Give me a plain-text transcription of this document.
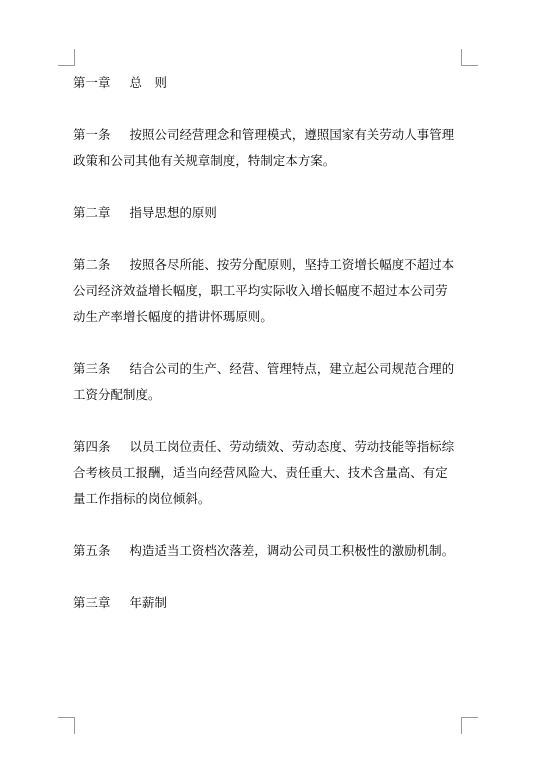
第一章 总　则
第一条 按照公司经营理念和管理模式，遵照国家有关劳动人事管理
政策和公司其他有关规章制度，特制定本方案。
第二章 指导思想的原则
第二条 按照各尽所能、按劳分配原则，坚持工资增长幅度不超过本
公司经济效益增长幅度，职工平均实际收入增长幅度不超过本公司劳
动生产率增长幅度的措讲怀瑪原则。
第三条 结合公司的生产、经营、管理特点，建立起公司规范合理的
工资分配制度。
第四条 以员工岗位责任、劳动绩效、劳动态度、劳动技能等指标综
合考核员工报酬，适当向经营风险大、责任重大、技术含量高、有定
量工作指标的岗位倾斜。
第五条 构造适当工资档次落差，调动公司员工积极性的激励机制。
第三章 年薪制
